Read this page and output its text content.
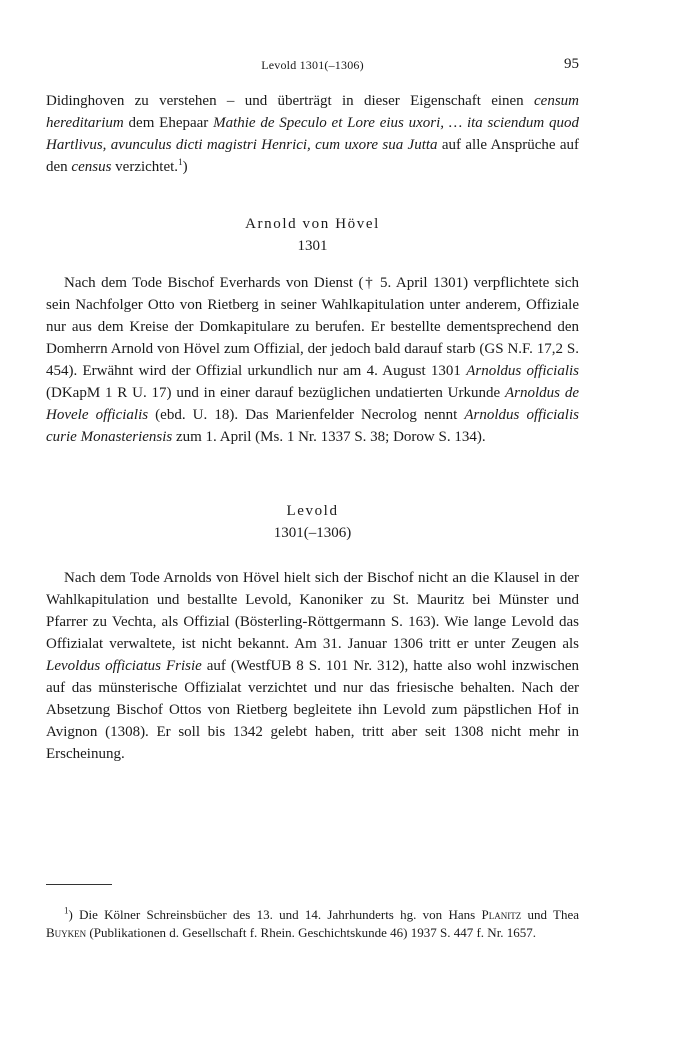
Levold 1301(–1306)	95

Didinghoven zu verstehen – und überträgt in dieser Eigenschaft einen censum hereditarium dem Ehepaar Mathie de Speculo et Lore eius uxori, … ita sciendum quod Hartlivus, avunculus dicti magistri Henrici, cum uxore sua Jutta auf alle Ansprüche auf den census verzichtet.$^1$)

Arnold von Hövel
1301

Nach dem Tode Bischof Everhards von Dienst († 5. April 1301) verpflichtete sich sein Nachfolger Otto von Rietberg in seiner Wahlkapitulation unter anderem, Offiziale nur aus dem Kreise der Domkapitulare zu berufen. Er bestellte dementsprechend den Domherrn Arnold von Hövel zum Offizial, der jedoch bald darauf starb (GS N.F. 17,2 S. 454). Erwähnt wird der Offizial urkundlich nur am 4. August 1301 Arnoldus officialis (DKapM 1 R U. 17) und in einer darauf bezüglichen undatierten Urkunde Arnoldus de Hovele officialis (ebd. U. 18). Das Marienfelder Necrolog nennt Arnoldus officialis curie Monasteriensis zum 1. April (Ms. 1 Nr. 1337 S. 38; Dorow S. 134).

Levold
1301(–1306)

Nach dem Tode Arnolds von Hövel hielt sich der Bischof nicht an die Klausel in der Wahlkapitulation und bestallte Levold, Kanoniker zu St. Mauritz bei Münster und Pfarrer zu Vechta, als Offizial (Bösterling-Röttgermann S. 163). Wie lange Levold das Offizialat verwaltete, ist nicht bekannt. Am 31. Januar 1306 tritt er unter Zeugen als Levoldus officiatus Frisie auf (WestfUB 8 S. 101 Nr. 312), hatte also wohl inzwischen auf das münsterische Offizialat verzichtet und nur das friesische behalten. Nach der Absetzung Bischof Ottos von Rietberg begleitete ihn Levold zum päpstlichen Hof in Avignon (1308). Er soll bis 1342 gelebt haben, tritt aber seit 1308 nicht mehr in Erscheinung.

$^1$) Die Kölner Schreinsbücher des 13. und 14. Jahrhunderts hg. von Hans Planitz und Thea Buyken (Publikationen d. Gesellschaft f. Rhein. Geschichtskunde 46) 1937 S. 447 f. Nr. 1657.
